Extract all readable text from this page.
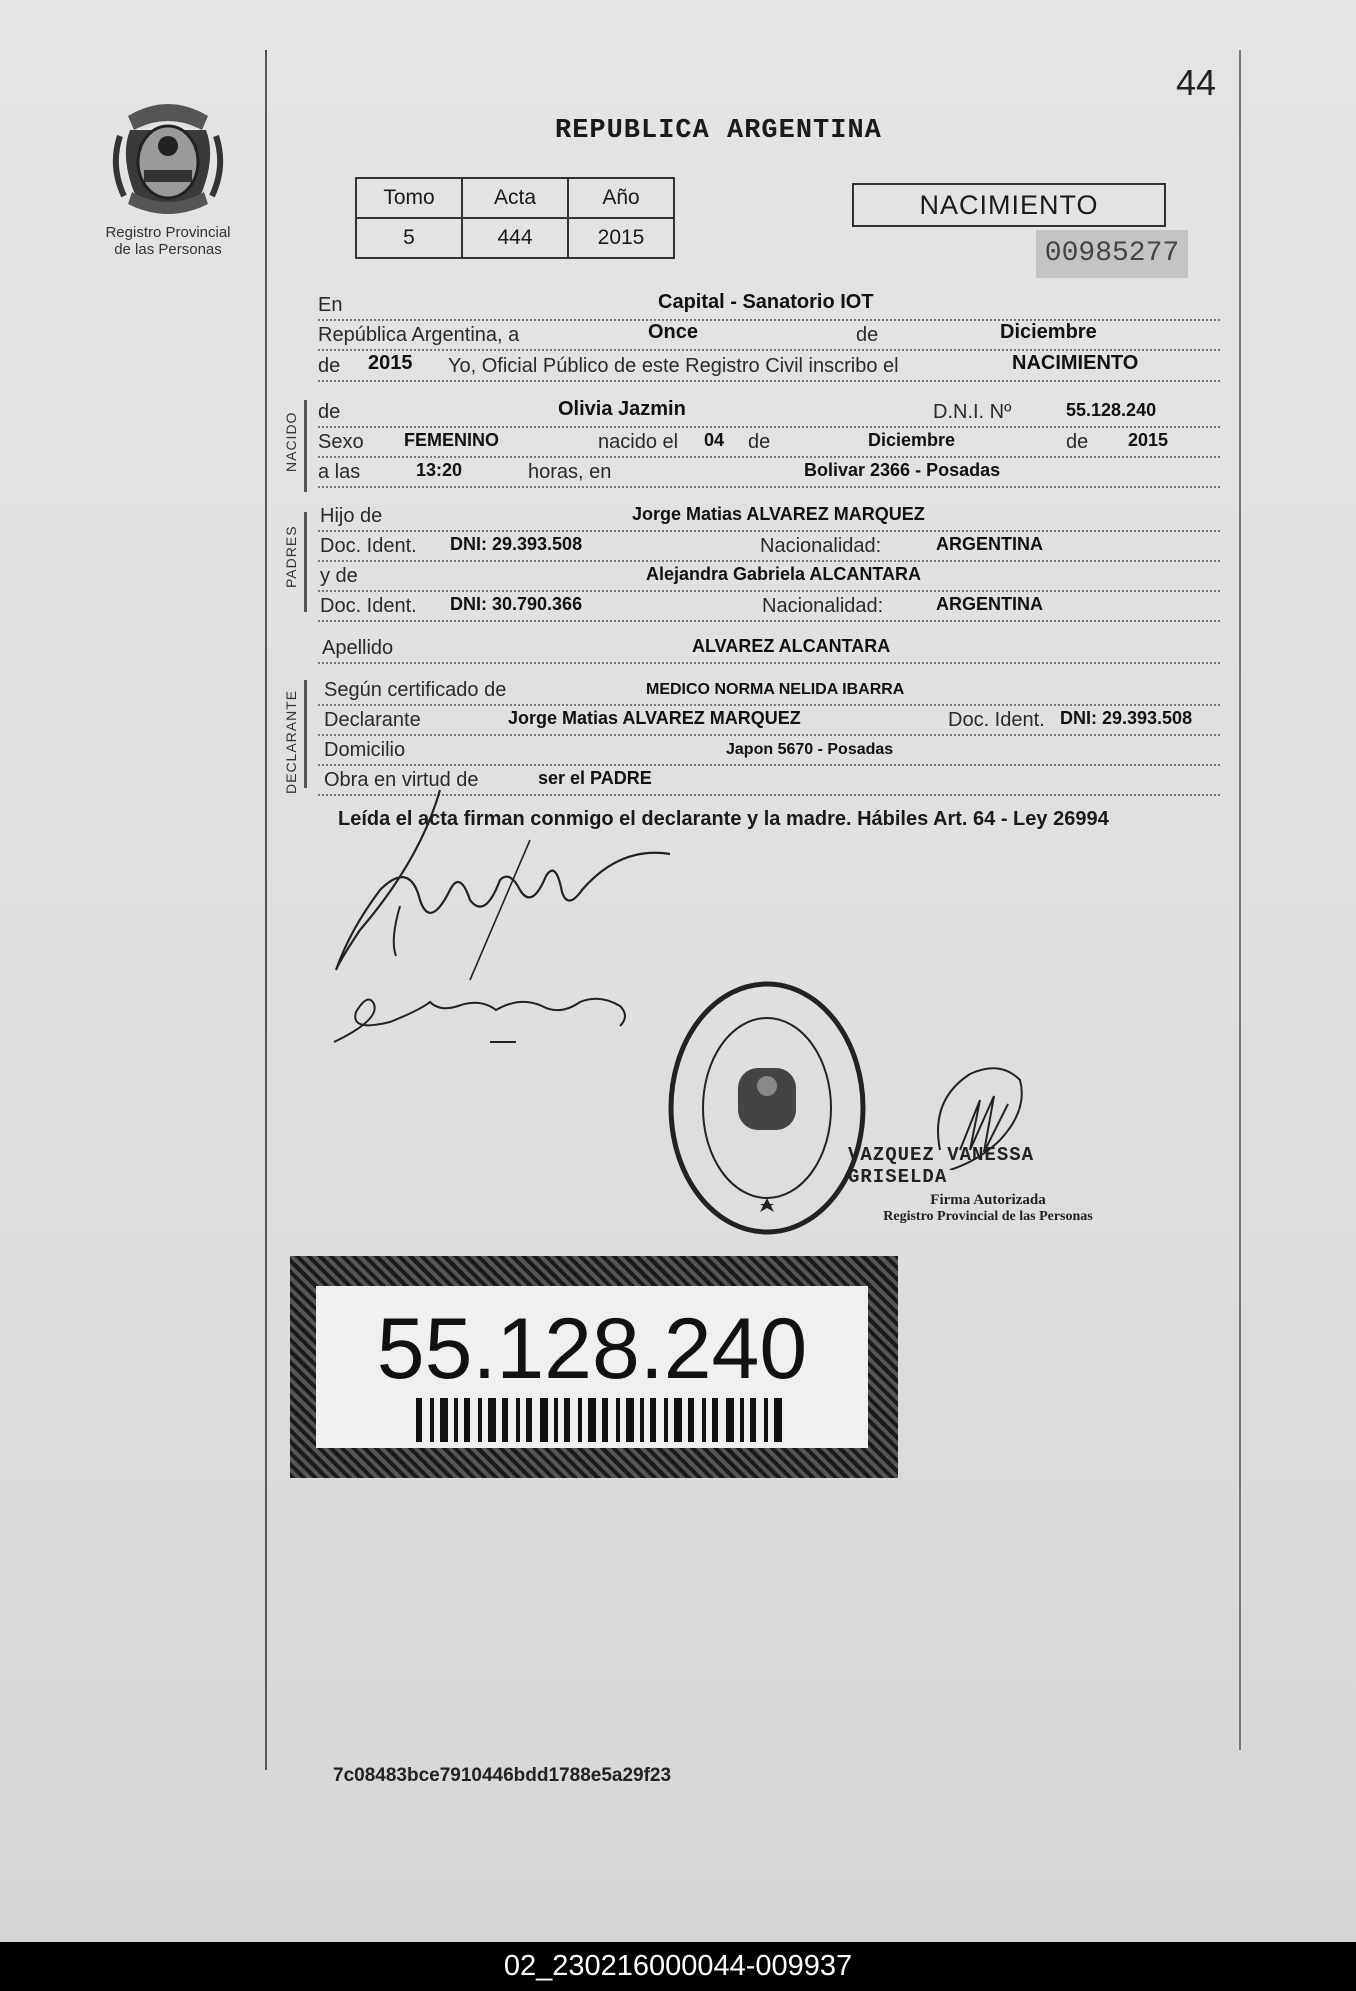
44
Registro Provincial
de las Personas
REPUBLICA ARGENTINA
Tomo	Acta	Año
5	444	2015
NACIMIENTO
00985277
En	Capital - Sanatorio IOT
República Argentina, a	Once	de	Diciembre
de 2015 Yo, Oficial Público de este Registro Civil inscribo el	NACIMIENTO
NACIDO de	Olivia Jazmin	D.N.I. Nº	55.128.240
Sexo FEMENINO	nacido el 04 de	Diciembre	de 2015
a las	13:20	horas, en	Bolivar 2366 - Posadas
PADRES
Hijo de	Jorge Matias ALVAREZ MARQUEZ
Doc. Ident. DNI: 29.393.508	Nacionalidad:	ARGENTINA
y de	Alejandra Gabriela ALCANTARA
Doc. Ident. DNI: 30.790.366	Nacionalidad:	ARGENTINA
Apellido	ALVAREZ ALCANTARA
DECLARANTE Según certificado de	MEDICO NORMA NELIDA IBARRA
Declarante	Jorge Matias ALVAREZ MARQUEZ	Doc. Ident. DNI: 29.393.508
Domicilio	Japon 5670 - Posadas
Obra en virtud de	ser el PADRE
Leída el acta firman conmigo el declarante y la madre. Hábiles Art. 64 - Ley 26994
VAZQUEZ VANESSA GRISELDA
Firma Autorizada
Registro Provincial de las Personas
55.128.240
7c08483bce7910446bdd1788e5a29f23
02_230216000044-009937
